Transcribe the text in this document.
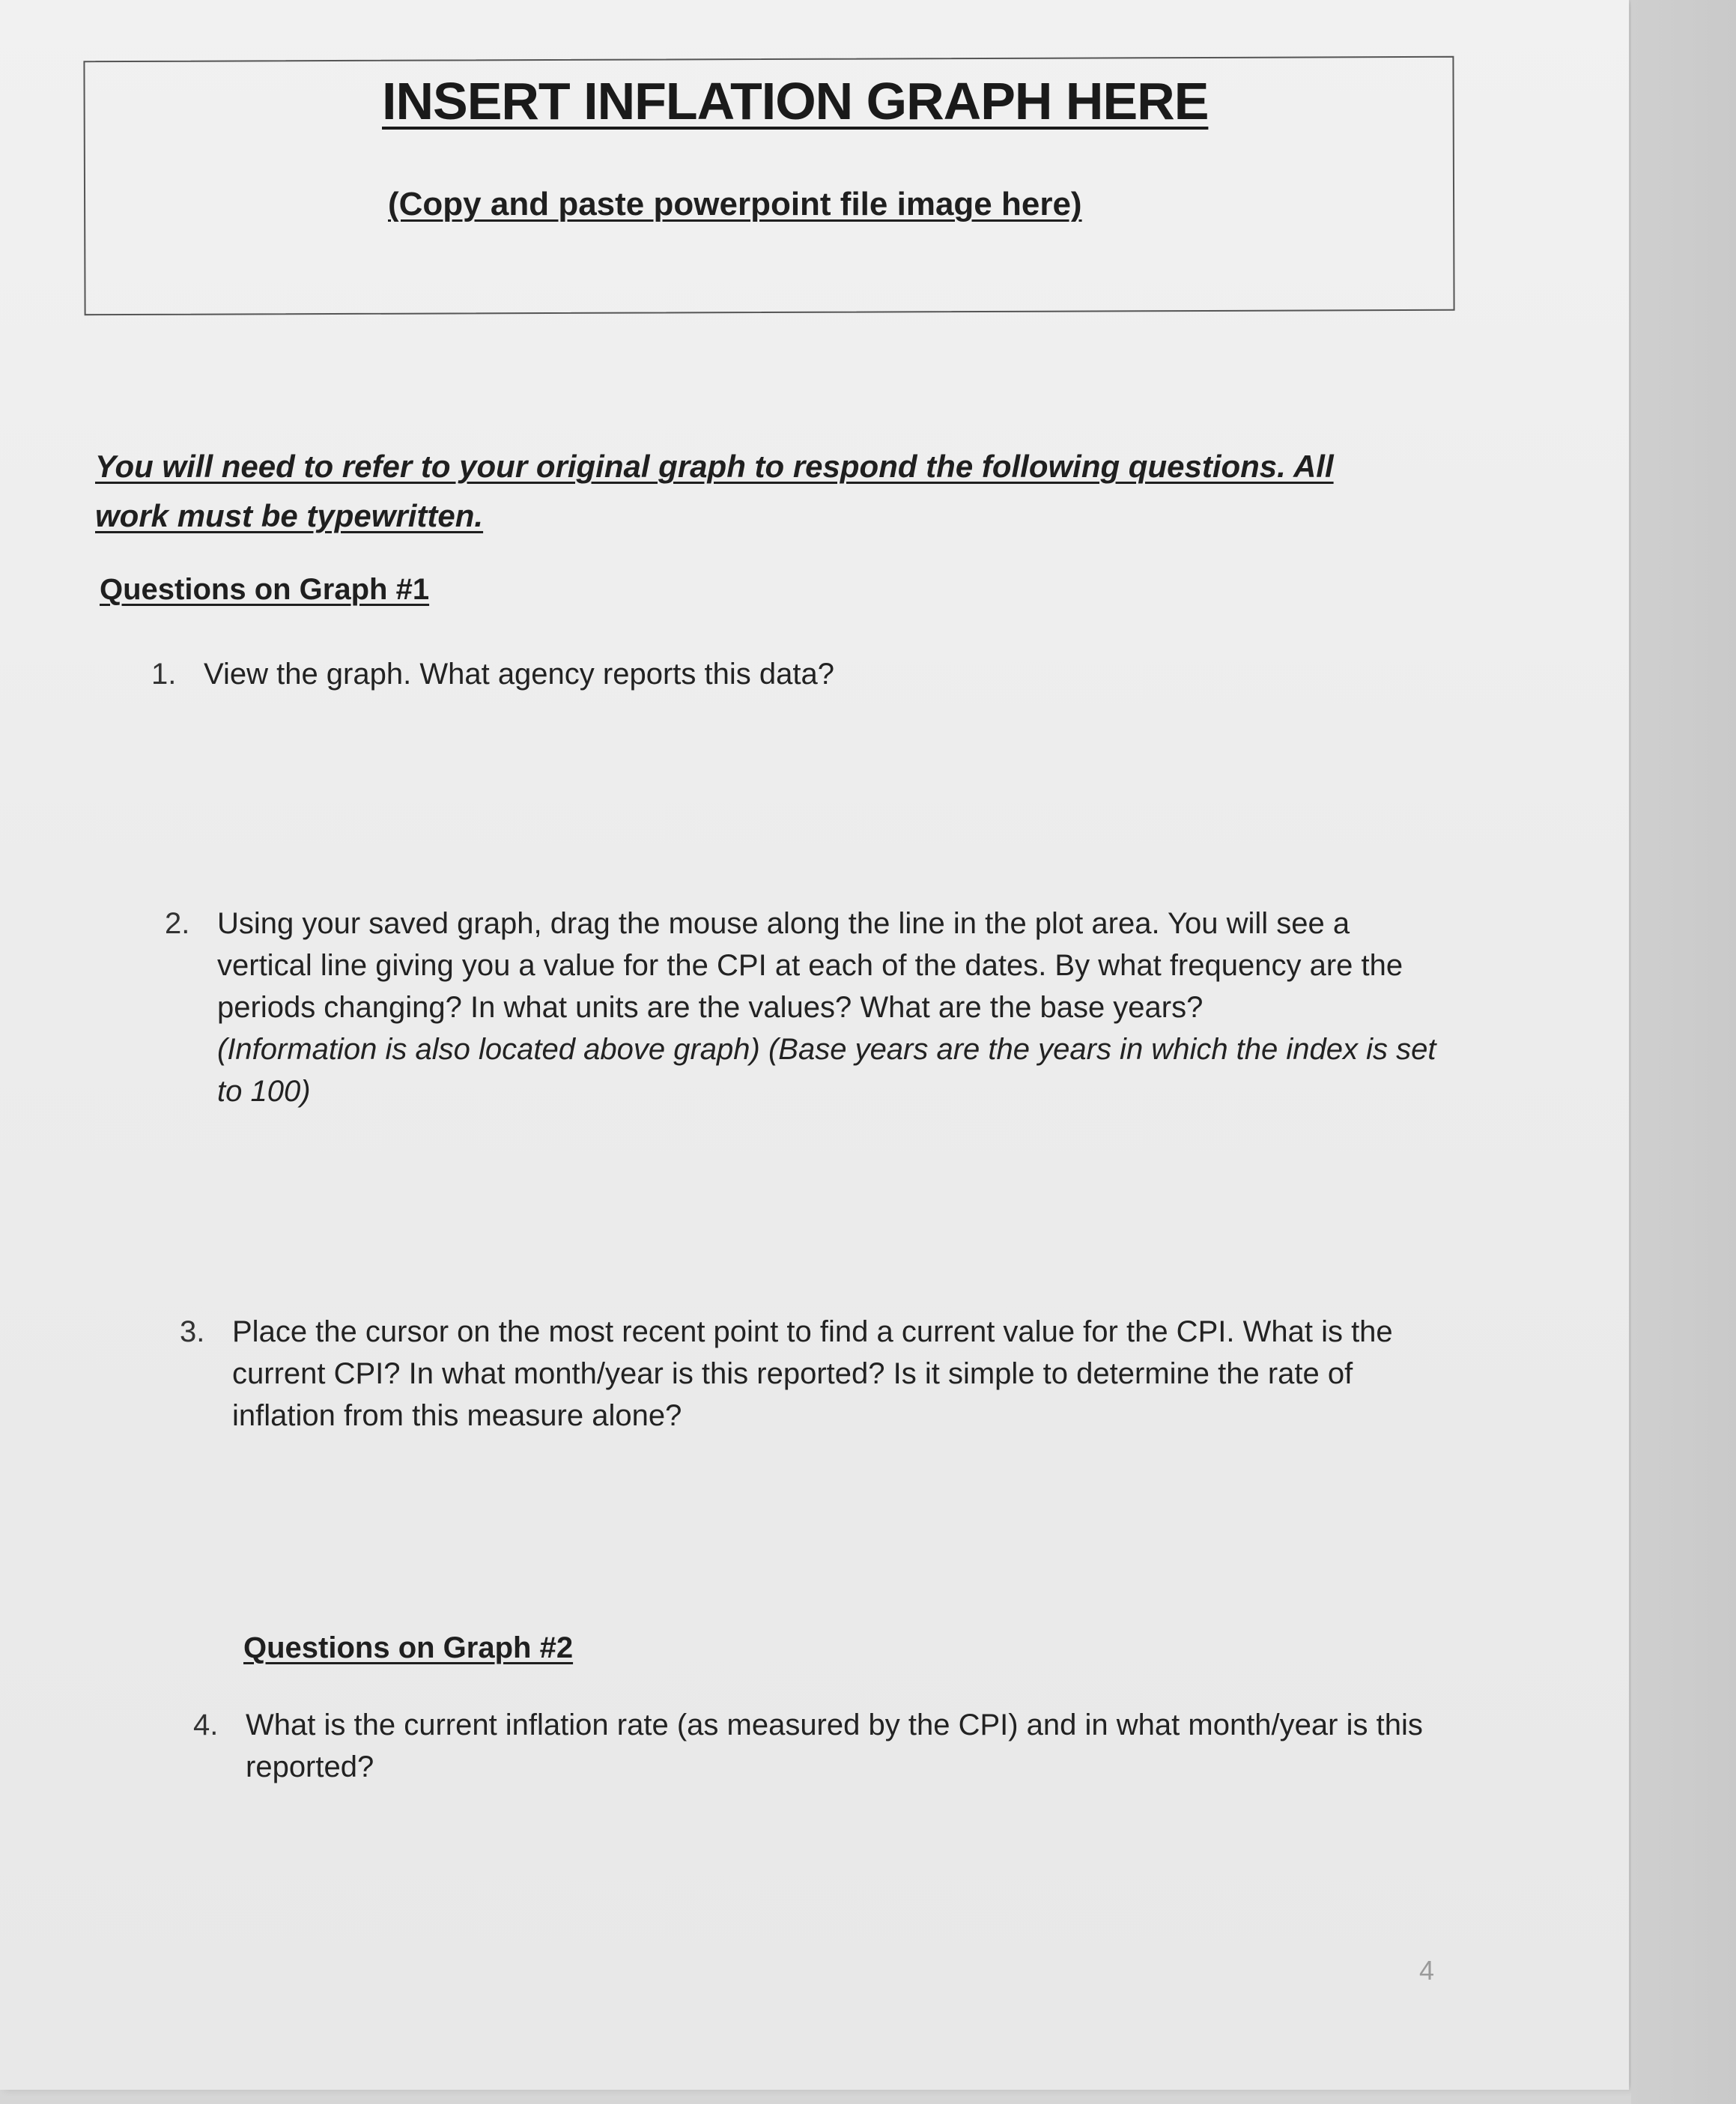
INSERT INFLATION GRAPH HERE
(Copy and paste powerpoint file image here)
You will need to refer to your original graph to respond the following questions. All work must be typewritten.
Questions on Graph #1
1. View the graph. What agency reports this data?
2. Using your saved graph, drag the mouse along the line in the plot area. You will see a vertical line giving you a value for the CPI at each of the dates. By what frequency are the periods changing? In what units are the values? What are the base years?
(Information is also located above graph) (Base years are the years in which the index is set to 100)
3. Place the cursor on the most recent point to find a current value for the CPI. What is the current CPI? In what month/year is this reported? Is it simple to determine the rate of inflation from this measure alone?
Questions on Graph #2
4. What is the current inflation rate (as measured by the CPI) and in what month/year is this reported?
4
